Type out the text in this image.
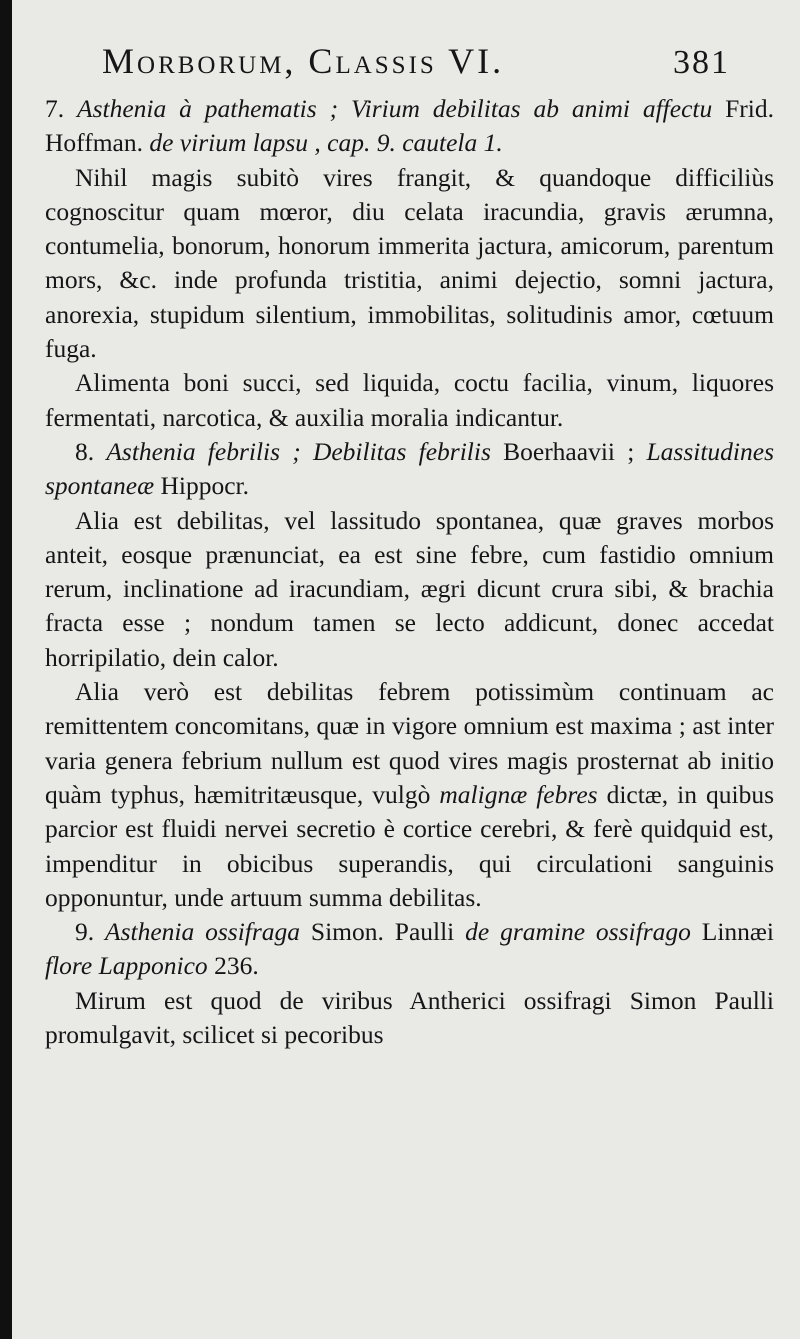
Morborum, Classis VI.	381

7. Asthenia à pathematis ; Virium debilitas ab animi affectu Frid. Hoffman. de virium lapsu , cap. 9. cautela 1.

Nihil magis subitò vires frangit, & quandoque difficiliùs cognoscitur quam mœror, diu celata iracundia, gravis ærumna, contumelia, bonorum, honorum immerita jactura, amicorum, parentum mors, &c. inde profunda tristitia, animi dejectio, somni jactura, anorexia, stupidum silentium, immobilitas, solitudinis amor, cœtuum fuga.

Alimenta boni succi, sed liquida, coctu facilia, vinum, liquores fermentati, narcotica, & auxilia moralia indicantur.

8. Asthenia febrilis ; Debilitas febrilis Boerhaavii ; Lassitudines spontaneæ Hippocr.

Alia est debilitas, vel lassitudo spontanea, quæ graves morbos anteit, eosque prænunciat, ea est sine febre, cum fastidio omnium rerum, inclinatione ad iracundiam, ægri dicunt crura sibi, & brachia fracta esse ; nondum tamen se lecto addicunt, donec accedat horripilatio, dein calor.

Alia verò est debilitas febrem potissimùm continuam ac remittentem concomitans, quæ in vigore omnium est maxima ; ast inter varia genera febrium nullum est quod vires magis prosternat ab initio quàm typhus, hæmitritæusque, vulgò malignæ febres dictæ, in quibus parcior est fluidi nervei secretio è cortice cerebri, & ferè quidquid est, impenditur in obicibus superandis, qui circulationi sanguinis opponuntur, unde artuum summa debilitas.

9. Asthenia ossifraga Simon. Paulli de gramine ossifrago Linnæi flore Lapponico 236.

Mirum est quod de viribus Antherici ossifragi Simon Paulli promulgavit, scilicet si pecoribus
